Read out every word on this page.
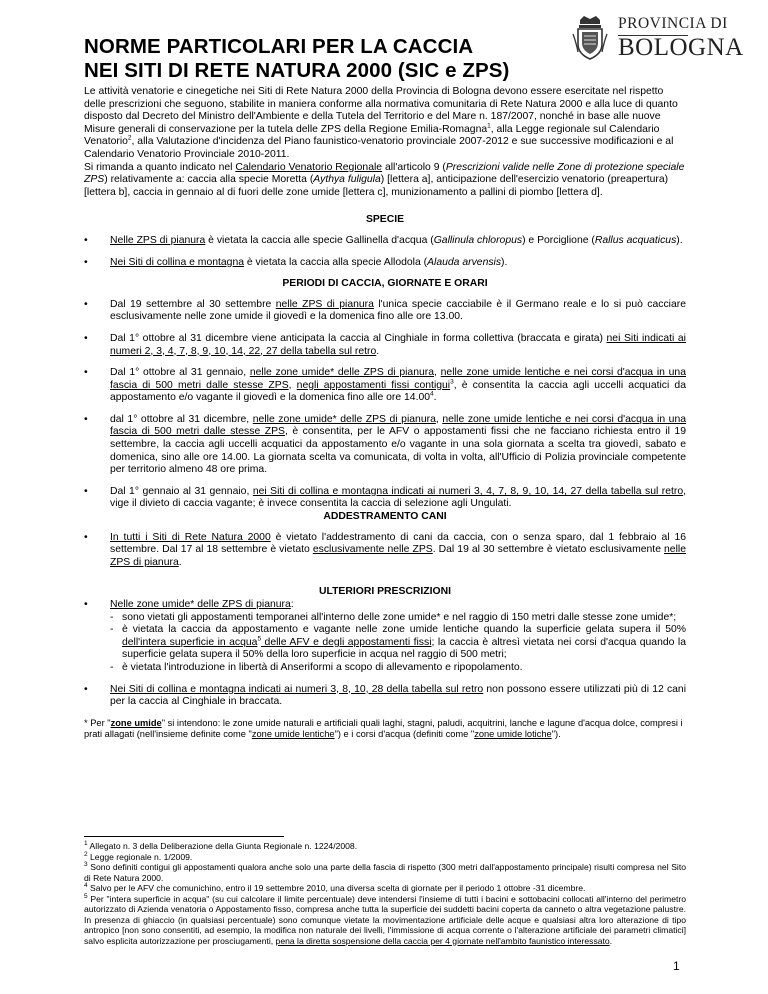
NORME PARTICOLARI PER LA CACCIA
NEI SITI DI RETE NATURA 2000 (SIC e ZPS)
PROVINCIA DI
BOLOGNA

Le attività venatorie e cinegetiche nei Siti di Rete Natura 2000 della Provincia di Bologna devono essere esercitate nel rispetto delle prescrizioni che seguono, stabilite in maniera conforme alla normativa comunitaria di Rete Natura 2000 e alla luce di quanto disposto dal Decreto del Ministro dell'Ambiente e della Tutela del Territorio e del Mare n. 187/2007, nonché in base alle nuove Misure generali di conservazione per la tutela delle ZPS della Regione Emilia-Romagna$^1$, alla Legge regionale sul Calendario Venatorio$^2$, alla Valutazione d'incidenza del Piano faunistico-venatorio provinciale 2007-2012 e sue successive modificazioni e al Calendario Venatorio Provinciale 2010-2011.

Si rimanda a quanto indicato nel Calendario Venatorio Regionale all'articolo 9 (Prescrizioni valide nelle Zone di protezione speciale ZPS) relativamente a: caccia alla specie Moretta (Aythya fuligula) [lettera a], anticipazione dell'esercizio venatorio (preapertura) [lettera b], caccia in gennaio al di fuori delle zone umide [lettera c], munizionamento a pallini di piombo [lettera d].

SPECIE

• Nelle ZPS di pianura è vietata la caccia alle specie Gallinella d'acqua (Gallinula chloropus) e Porciglione (Rallus acquaticus).
• Nei Siti di collina e montagna è vietata la caccia alla specie Allodola (Alauda arvensis).

PERIODI DI CACCIA, GIORNATE E ORARI

• Dal 19 settembre al 30 settembre nelle ZPS di pianura l'unica specie cacciabile è il Germano reale e lo si può cacciare esclusivamente nelle zone umide il giovedì e la domenica fino alle ore 13.00.
• Dal 1° ottobre al 31 dicembre viene anticipata la caccia al Cinghiale in forma collettiva (braccata e girata) nei Siti indicati ai numeri 2, 3, 4, 7, 8, 9, 10, 14, 22, 27 della tabella sul retro.
• Dal 1° ottobre al 31 gennaio, nelle zone umide* delle ZPS di pianura, nelle zone umide lentiche e nei corsi d'acqua in una fascia di 500 metri dalle stesse ZPS, negli appostamenti fissi contigui$^3$, è consentita la caccia agli uccelli acquatici da appostamento e/o vagante il giovedì e la domenica fino alle ore 14.00$^4$.
• dal 1° ottobre al 31 dicembre, nelle zone umide* delle ZPS di pianura, nelle zone umide lentiche e nei corsi d'acqua in una fascia di 500 metri dalle stesse ZPS, è consentita, per le AFV o appostamenti fissi che ne facciano richiesta entro il 19 settembre, la caccia agli uccelli acquatici da appostamento e/o vagante in una sola giornata a scelta tra giovedì, sabato e domenica, sino alle ore 14.00. La giornata scelta va comunicata, di volta in volta, all'Ufficio di Polizia provinciale competente per territorio almeno 48 ore prima.
• Dal 1° gennaio al 31 gennaio, nei Siti di collina e montagna indicati ai numeri 3, 4, 7, 8, 9, 10, 14, 27 della tabella sul retro, vige il divieto di caccia vagante; è invece consentita la caccia di selezione agli Ungulati.

ADDESTRAMENTO CANI

• In tutti i Siti di Rete Natura 2000 è vietato l'addestramento di cani da caccia, con o senza sparo, dal 1 febbraio al 16 settembre. Dal 17 al 18 settembre è vietato esclusivamente nelle ZPS. Dal 19 al 30 settembre è vietato esclusivamente nelle ZPS di pianura.

ULTERIORI PRESCRIZIONI

• Nelle zone umide* delle ZPS di pianura:
- sono vietati gli appostamenti temporanei all'interno delle zone umide* e nel raggio di 150 metri dalle stesse zone umide*;
- è vietata la caccia da appostamento e vagante nelle zone umide lentiche quando la superficie gelata supera il 50% dell'intera superficie in acqua$^5$ delle AFV e degli appostamenti fissi; la caccia è altresì vietata nei corsi d'acqua quando la superficie gelata supera il 50% della loro superficie in acqua nel raggio di 500 metri;
- è vietata l'introduzione in libertà di Anseriformi a scopo di allevamento e ripopolamento.
• Nei Siti di collina e montagna indicati ai numeri 3, 8, 10, 28 della tabella sul retro non possono essere utilizzati più di 12 cani per la caccia al Cinghiale in braccata.

* Per "zone umide" si intendono: le zone umide naturali e artificiali quali laghi, stagni, paludi, acquitrini, lanche e lagune d'acqua dolce, compresi i prati allagati (nell'insieme definite come "zone umide lentiche") e i corsi d'acqua (definiti come "zone umide lotiche").

$^1$ Allegato n. 3 della Deliberazione della Giunta Regionale n. 1224/2008.
$^2$ Legge regionale n. 1/2009.
$^3$ Sono definiti contigui gli appostamenti qualora anche solo una parte della fascia di rispetto (300 metri dall'appostamento principale) risulti compresa nel Sito di Rete Natura 2000.
$^4$ Salvo per le AFV che comunichino, entro il 19 settembre 2010, una diversa scelta di giornate per il periodo 1 ottobre -31 dicembre.
$^5$ Per "intera superficie in acqua" (su cui calcolare il limite percentuale) deve intendersi l'insieme di tutti i bacini e sottobacini collocati all'interno del perimetro autorizzato di Azienda venatoria o Appostamento fisso, compresa anche tutta la superficie dei suddetti bacini coperta da canneto o altra vegetazione palustre. In presenza di ghiaccio (in qualsiasi percentuale) sono comunque vietate la movimentazione artificiale delle acque e qualsiasi altra loro alterazione di tipo antropico [non sono consentiti, ad esempio, la modifica non naturale dei livelli, l'immissione di acqua corrente o l'alterazione artificiale dei parametri climatici] salvo esplicita autorizzazione per prosciugamenti, pena la diretta sospensione della caccia per 4 giornate nell'ambito faunistico interessato.
1
